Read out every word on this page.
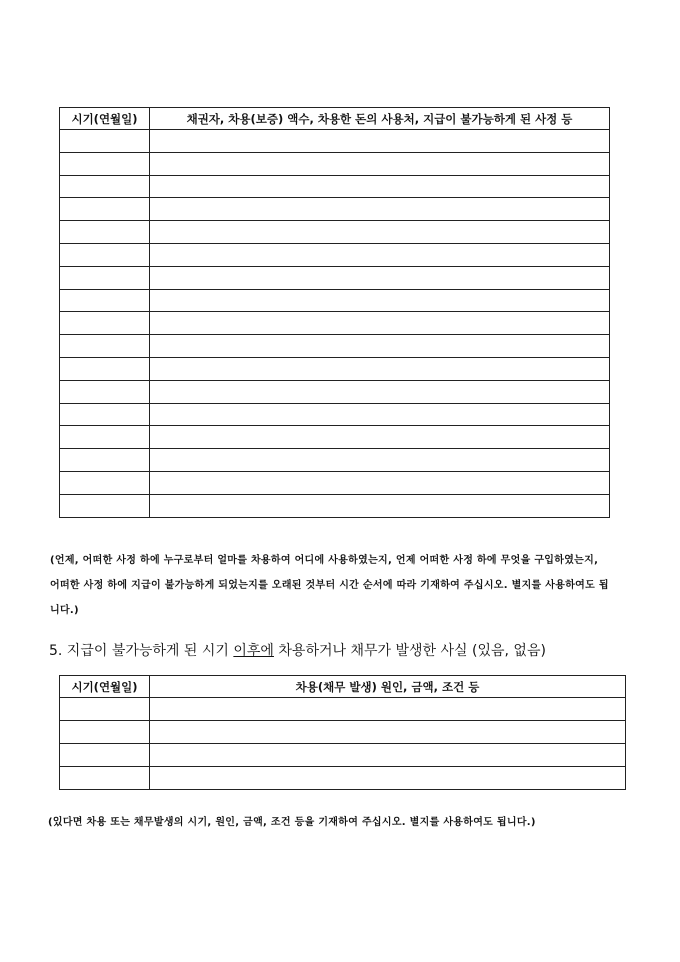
시기(연월일)	채권자, 차용(보증) 액수, 차용한 돈의 사용처, 지급이 불가능하게 된 사정 등

(언제, 어떠한 사정 하에 누구로부터 얼마를 차용하여 어디에 사용하였는지, 언제 어떠한 사정 하에 무엇을 구입하였는지, 어떠한 사정 하에 지급이 불가능하게 되었는지를 오래된 것부터 시간 순서에 따라 기재하여 주십시오. 별지를 사용하여도 됩니다.)
5. 지급이 불가능하게 된 시기 이후에 차용하거나 채무가 발생한 사실 (있음, 없음)
시기(연월일)	차용(채무 발생) 원인, 금액, 조건 등

(있다면 차용 또는 채무발생의 시기, 원인, 금액, 조건 등을 기재하여 주십시오. 별지를 사용하여도 됩니다.)
